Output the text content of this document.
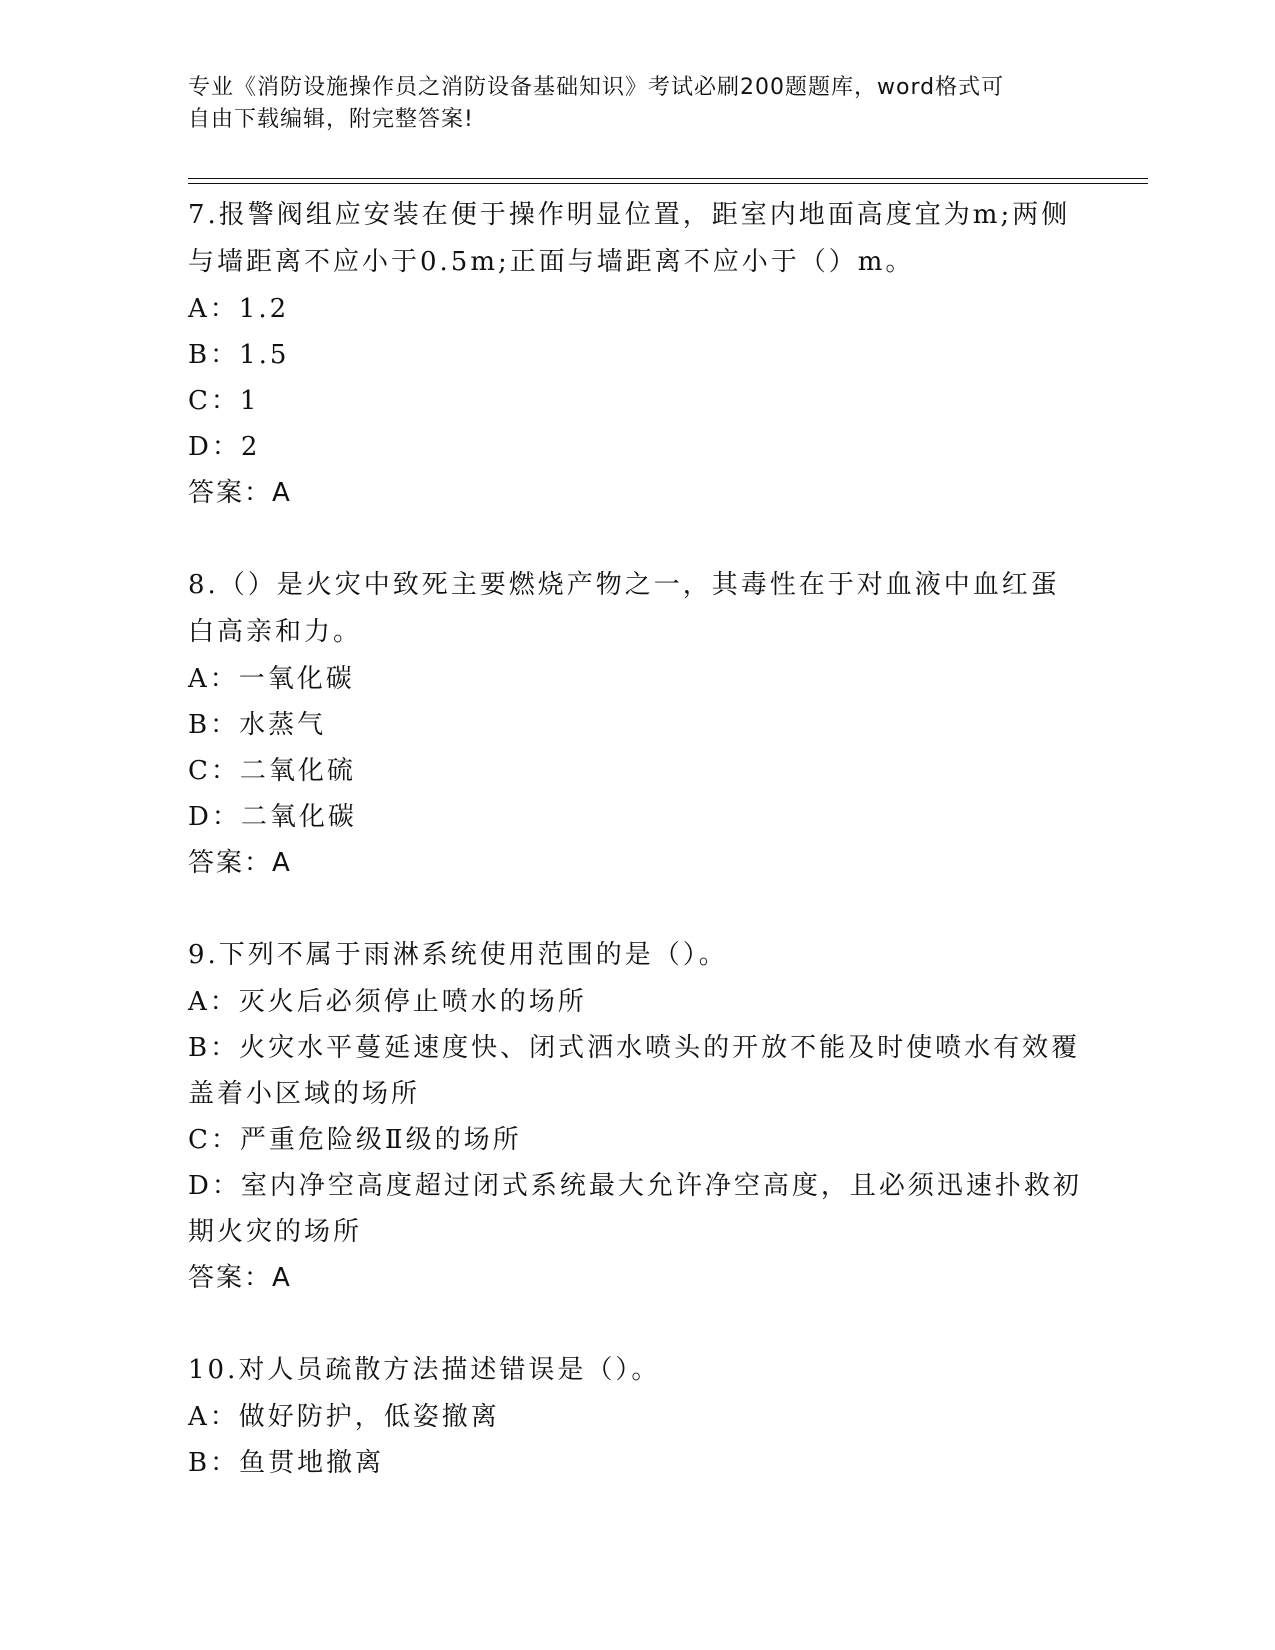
专业《消防设施操作员之消防设备基础知识》考试必刷200题题库，word格式可
自由下载编辑，附完整答案!

7.报警阀组应安装在便于操作明显位置，距室内地面高度宜为m;两侧

与墙距离不应小于0.5m;正面与墙距离不应小于（）m。

A：1.2

B：1.5

C：1

D：2

答案：A

8.（）是火灾中致死主要燃烧产物之一，其毒性在于对血液中血红蛋

白高亲和力。

A：一氧化碳

B：水蒸气

C：二氧化硫

D：二氧化碳

答案：A

9.下列不属于雨淋系统使用范围的是（）。

A：灭火后必须停止喷水的场所

B：火灾水平蔓延速度快、闭式洒水喷头的开放不能及时使喷水有效覆

盖着小区域的场所

C：严重危险级Ⅱ级的场所

D：室内净空高度超过闭式系统最大允许净空高度，且必须迅速扑救初

期火灾的场所

答案：A

10.对人员疏散方法描述错误是（）。

A：做好防护，低姿撤离

B：鱼贯地撤离
